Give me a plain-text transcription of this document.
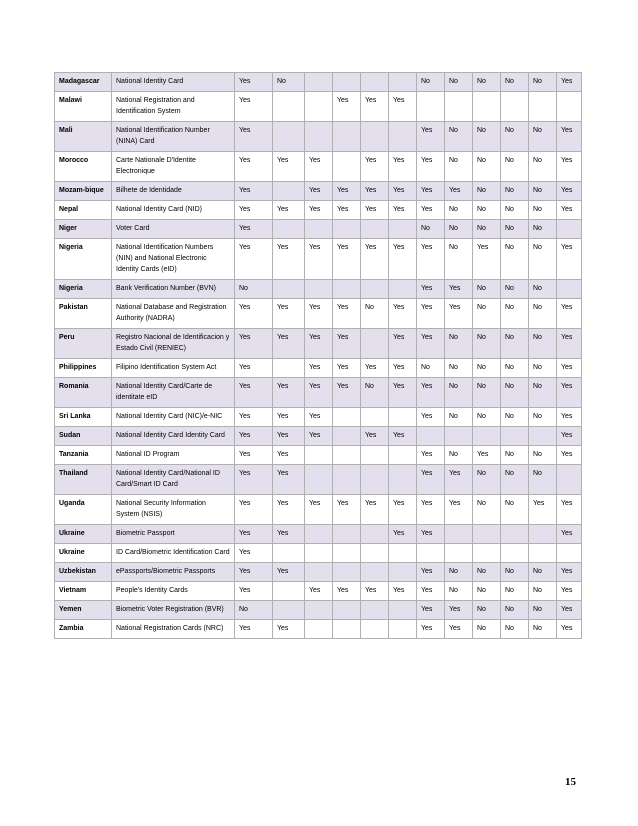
Madagascar	National Identity Card	Yes	No					No	No	No	No	No	Yes
Malawi	National Registration and Identification System	Yes			Yes	Yes	Yes						
Mali	National Identification Number (NINA) Card	Yes						Yes	No	No	No	No	Yes
Morocco	Carte Nationale D'Identite Electronique	Yes	Yes	Yes		Yes	Yes	Yes	No	No	No	No	Yes
Mozam-bique	Bilhete de Identidade	Yes		Yes	Yes	Yes	Yes	Yes	Yes	No	No	No	Yes
Nepal	National Identity Card (NID)	Yes	Yes	Yes	Yes	Yes	Yes	Yes	No	No	No	No	Yes
Niger	Voter Card	Yes						No	No	No	No	No	
Nigeria	National Identification Numbers (NIN) and National Electronic Identity Cards (eID)	Yes	Yes	Yes	Yes	Yes	Yes	Yes	No	Yes	No	No	Yes
Nigeria	Bank Verification Number (BVN)	No						Yes	Yes	No	No	No	
Pakistan	National Database and Registration Authority (NADRA)	Yes	Yes	Yes	Yes	No	Yes	Yes	Yes	No	No	No	Yes
Peru	Registro Nacional de Identificacion y Estado Civil (RENIEC)	Yes	Yes	Yes	Yes		Yes	Yes	No	No	No	No	Yes
Philippines	Filipino Identification System Act	Yes		Yes	Yes	Yes	Yes	No	No	No	No	No	Yes
Romania	National Identity Card/Carte de identitate eID	Yes	Yes	Yes	Yes	No	Yes	Yes	No	No	No	No	Yes
Sri Lanka	National Identity Card (NIC)/e-NIC	Yes	Yes	Yes				Yes	No	No	No	No	Yes
Sudan	National Identity Card Identity Card	Yes	Yes	Yes		Yes	Yes						Yes
Tanzania	National ID Program	Yes	Yes					Yes	No	Yes	No	No	Yes
Thailand	National Identity Card/National ID Card/Smart ID Card	Yes	Yes					Yes	Yes	No	No	No	
Uganda	National Security Information System (NSIS)	Yes	Yes	Yes	Yes	Yes	Yes	Yes	Yes	No	No	Yes	Yes
Ukraine	Biometric Passport	Yes	Yes				Yes	Yes					Yes
Ukraine	ID Card/Biometric Identification Card	Yes											
Uzbekistan	ePassports/Biometric Passports	Yes	Yes					Yes	No	No	No	No	Yes
Vietnam	People's Identity Cards	Yes		Yes	Yes	Yes	Yes	Yes	No	No	No	No	Yes
Yemen	Biometric Voter Registration (BVR)	No						Yes	Yes	No	No	No	Yes
Zambia	National Registration Cards (NRC)	Yes	Yes					Yes	Yes	No	No	No	Yes
15
